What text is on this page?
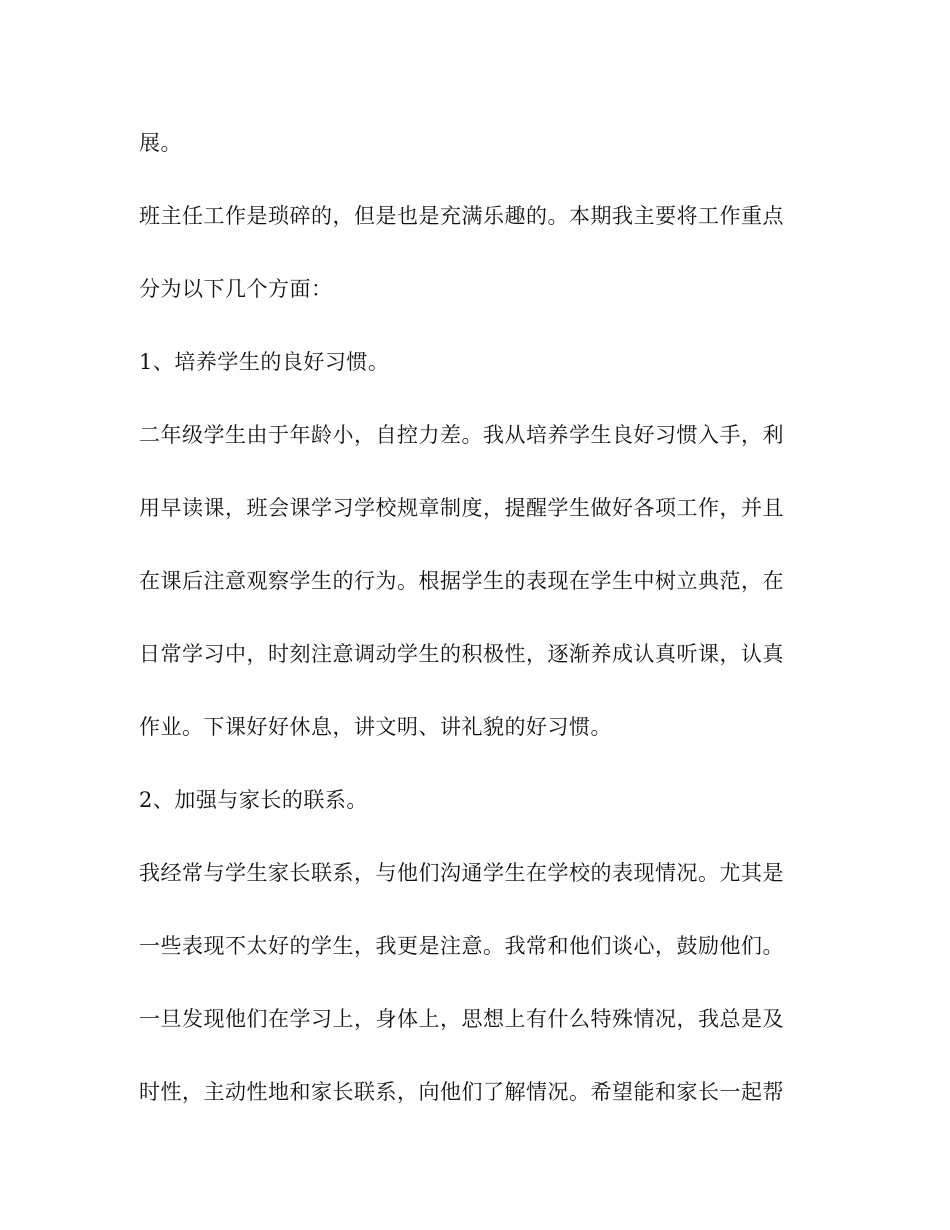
展。

班主任工作是琐碎的，但是也是充满乐趣的。本期我主要将工作重点

分为以下几个方面：

1、培养学生的良好习惯。

二年级学生由于年龄小，自控力差。我从培养学生良好习惯入手，利

用早读课，班会课学习学校规章制度，提醒学生做好各项工作，并且

在课后注意观察学生的行为。根据学生的表现在学生中树立典范，在

日常学习中，时刻注意调动学生的积极性，逐渐养成认真听课，认真

作业。下课好好休息，讲文明、讲礼貌的好习惯。

2、加强与家长的联系。

我经常与学生家长联系，与他们沟通学生在学校的表现情况。尤其是

一些表现不太好的学生，我更是注意。我常和他们谈心，鼓励他们。

一旦发现他们在学习上，身体上，思想上有什么特殊情况，我总是及

时性，主动性地和家长联系，向他们了解情况。希望能和家长一起帮
